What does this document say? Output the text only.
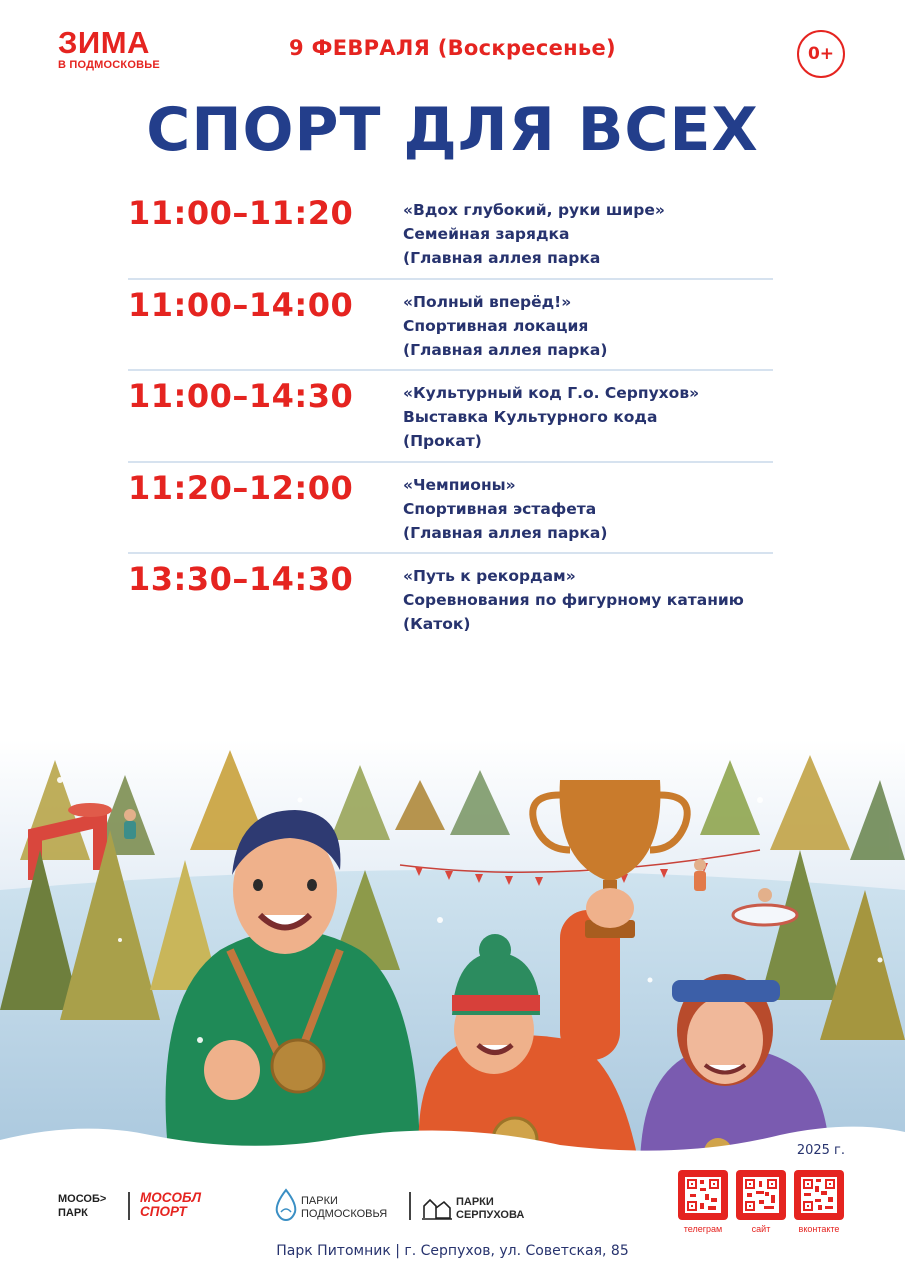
ЗИМА
В ПОДМОСКОВЬЕ
9 ФЕВРАЛЯ (Воскресенье)	0+
СПОРТ ДЛЯ ВСЕХ
11:00–11:20	«Вдох глубокий, руки шире»
Семейная зарядка
(Главная аллея парка
11:00–14:00	«Полный вперёд!»
Спортивная локация
(Главная аллея парка)
11:00–14:30	«Культурный код Г.о. Серпухов»
Выставка Культурного кода
(Прокат)
11:20–12:00	«Чемпионы»
Спортивная эстафета
(Главная аллея парка)
13:30–14:30	«Путь к рекордам»
Соревнования по фигурному катанию
(Каток)
2025 г.
МОСОБ>
ПАРК
МОСОБЛ
СПОРТ
ПАРКИ
ПОДМОСКОВЬЯ
ПАРКИ
СЕРПУХОВА
телеграм	сайт	вконтакте
Парк Питомник | г. Серпухов, ул. Советская, 85
